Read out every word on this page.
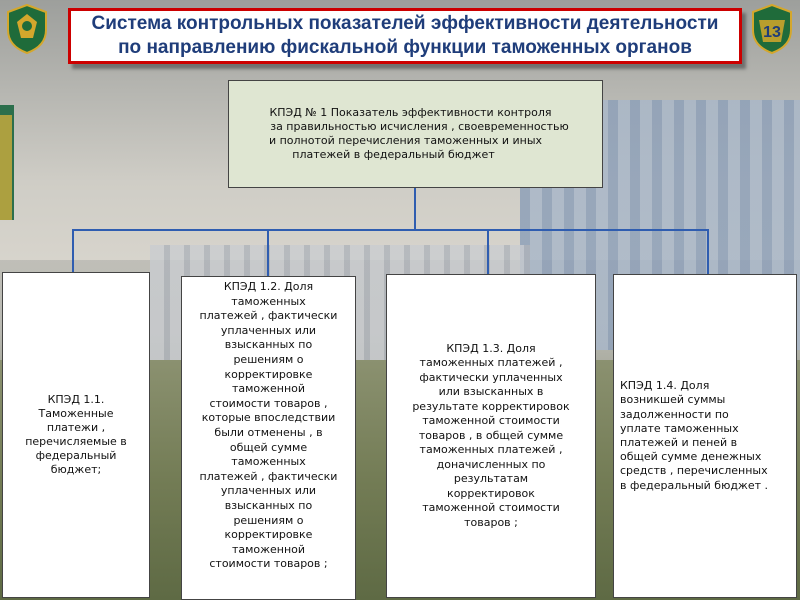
13
Система контрольных показателей эффективности деятельности
по направлению фискальной функции таможенных органов
КПЭД № 1 Показатель эффективности контроля
за правильностью исчисления , своевременностью
и полнотой перечисления таможенных и иных
платежей в федеральный бюджет
КПЭД 1.1.
Таможенные
платежи ,
перечисляемые в
федеральный
бюджет;
КПЭД 1.2. Доля
таможенных
платежей , фактически
уплаченных или
взысканных по
решениям о
корректировке
таможенной
стоимости товаров ,
которые впоследствии
были отменены , в
общей сумме
таможенных
платежей , фактически
уплаченных или
взысканных по
решениям о
корректировке
таможенной
стоимости товаров ;
КПЭД 1.3. Доля
таможенных платежей ,
фактически уплаченных
или взысканных в
результате корректировок
таможенной стоимости
товаров , в общей сумме
таможенных платежей ,
доначисленных по
результатам
корректировок
таможенной стоимости
товаров ;
КПЭД 1.4. Доля
возникшей суммы
задолженности по
уплате таможенных
платежей и пеней в
общей сумме денежных
средств , перечисленных
в федеральный бюджет .
